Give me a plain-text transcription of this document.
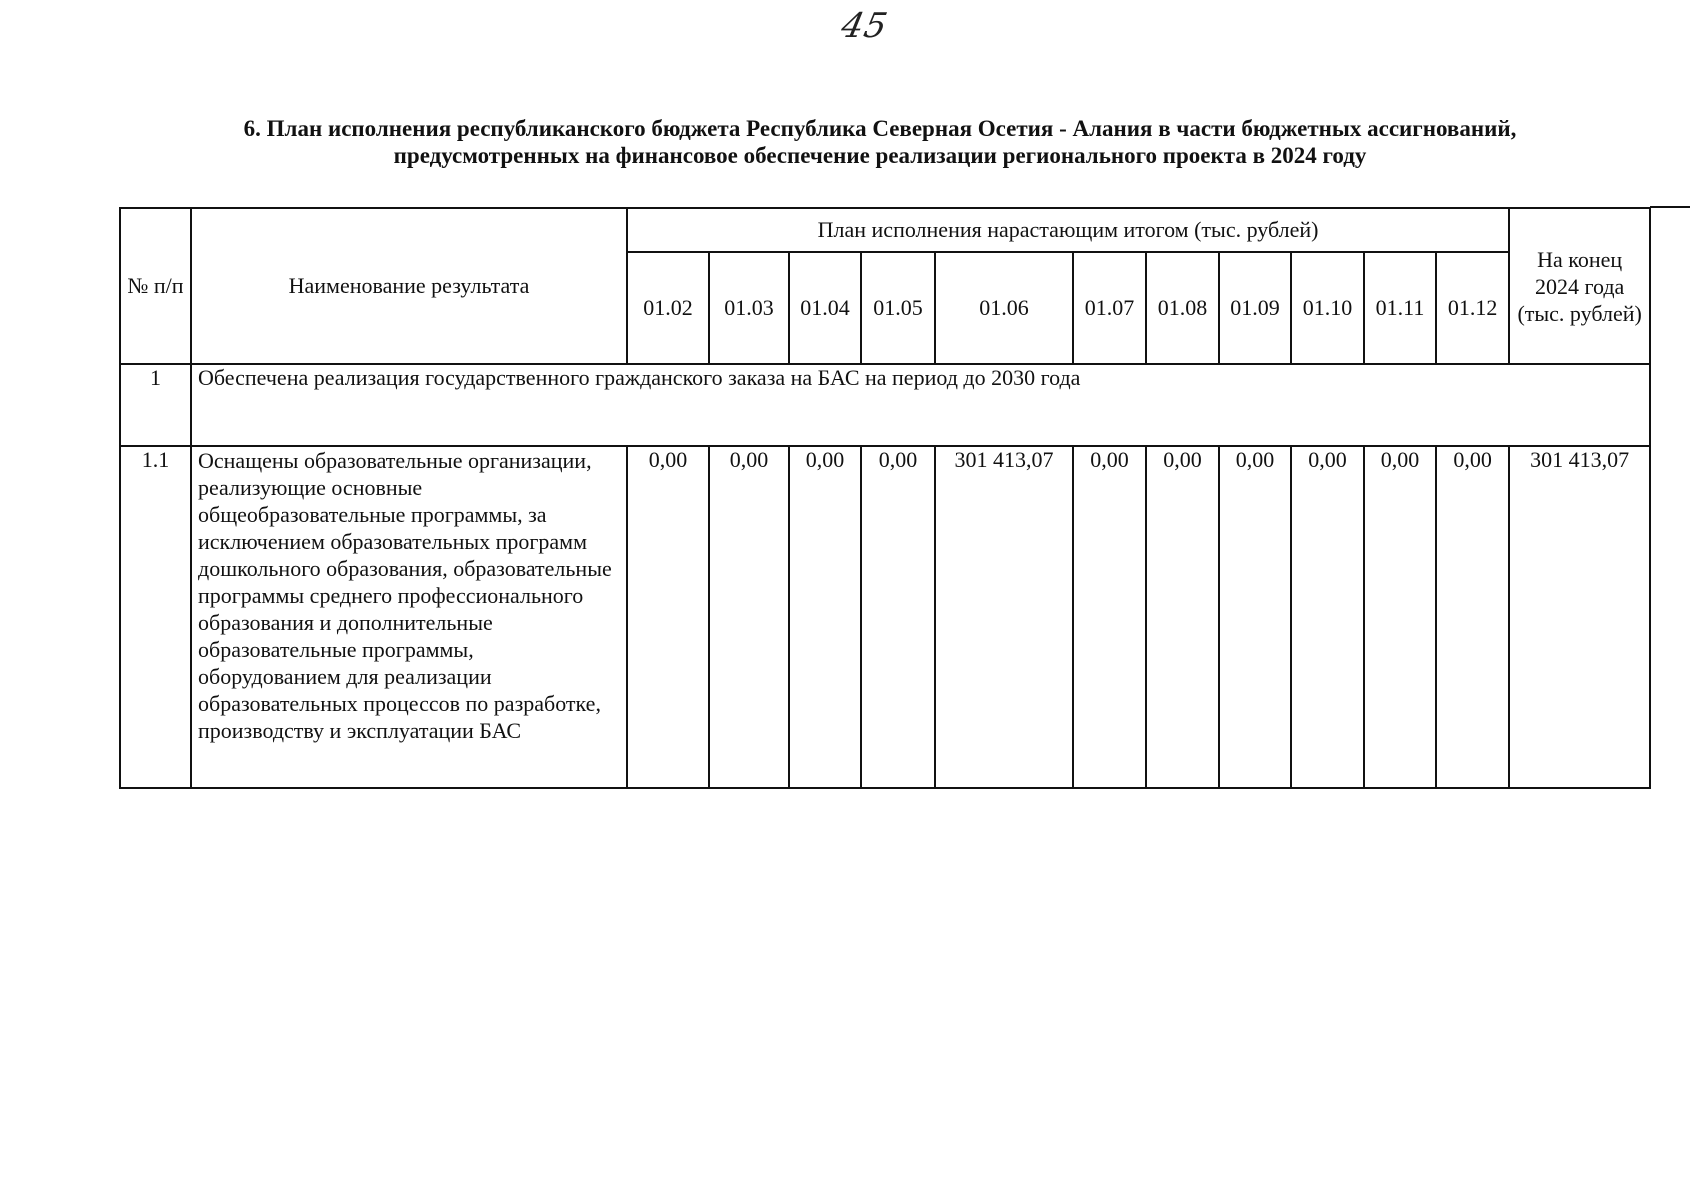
45
6. План исполнения республиканского бюджета Республика Северная Осетия - Алания в части бюджетных ассигнований,
предусмотренных на финансовое обеспечение реализации регионального проекта в 2024 году
№ п/п	Наименование результата	План исполнения нарастающим итогом (тыс. рублей)											На конец
2024 года
(тыс. рублей)

		01.02	01.03	01.04	01.05	01.06	01.07	01.08	01.09	01.10	01.11	01.12	
1	Обеспечена реализация государственного гражданского заказа на БАС на период до 2030 года												
1.1	Оснащены образовательные организации, реализующие основные общеобразовательные программы, за исключением образовательных программ дошкольного образования, образовательные программы среднего профессионального образования и дополнительные образовательные программы, оборудованием для реализации образовательных процессов по разработке, производству и эксплуатации БАС	0,00	0,00	0,00	0,00	301 413,07	0,00	0,00	0,00	0,00	0,00	0,00	301 413,07
